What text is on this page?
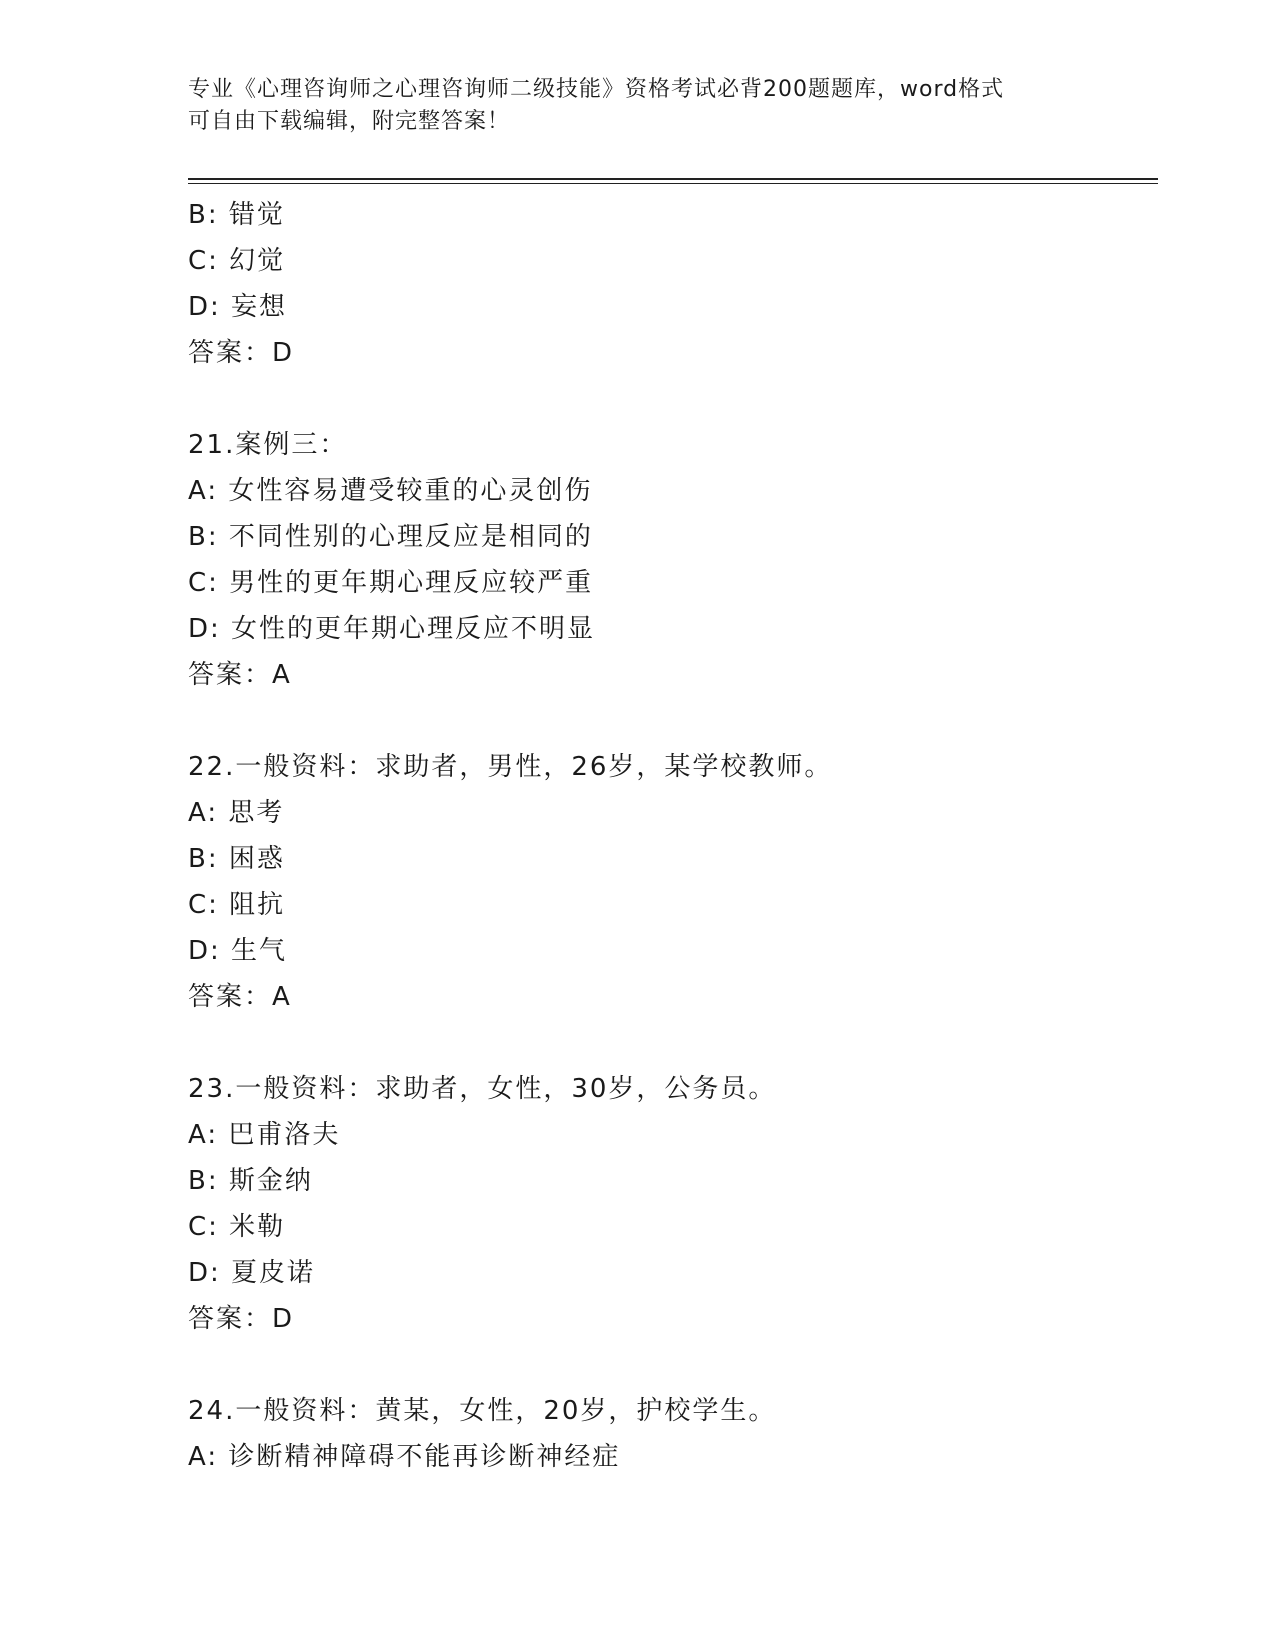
专业《心理咨询师之心理咨询师二级技能》资格考试必背200题题库，word格式
可自由下载编辑，附完整答案！
B: 错觉
C: 幻觉
D: 妄想
答案：D
21.案例三：
A: 女性容易遭受较重的心灵创伤
B: 不同性别的心理反应是相同的
C: 男性的更年期心理反应较严重
D: 女性的更年期心理反应不明显
答案：A
22.一般资料：求助者，男性，26岁，某学校教师。
A: 思考
B: 困惑
C: 阻抗
D: 生气
答案：A
23.一般资料：求助者，女性，30岁，公务员。
A: 巴甫洛夫
B: 斯金纳
C: 米勒
D: 夏皮诺
答案：D
24.一般资料：黄某，女性，20岁，护校学生。
A: 诊断精神障碍不能再诊断神经症
